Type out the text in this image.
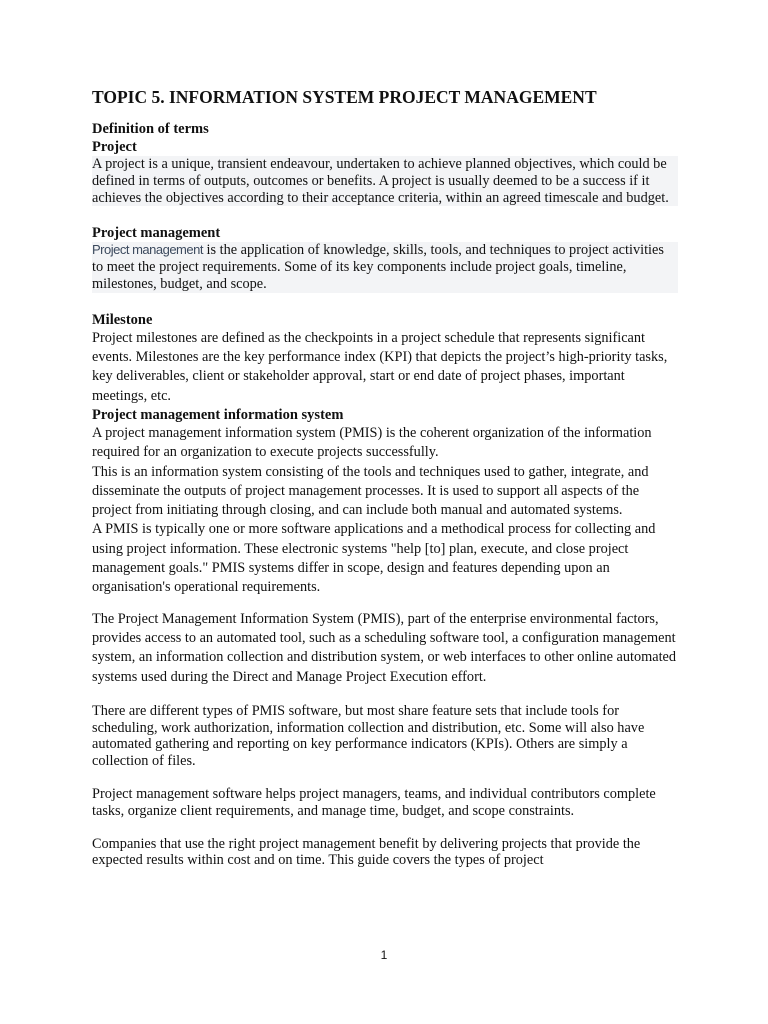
TOPIC 5. INFORMATION SYSTEM PROJECT MANAGEMENT
Definition of terms
Project

A project is a unique, transient endeavour, undertaken to achieve planned objectives, which could be defined in terms of outputs, outcomes or benefits. A project is usually deemed to be a success if it achieves the objectives according to their acceptance criteria, within an agreed timescale and budget.

Project management

Project management is the application of knowledge, skills, tools, and techniques to project activities to meet the project requirements. Some of its key components include project goals, timeline, milestones, budget, and scope.

Milestone

Project milestones are defined as the checkpoints in a project schedule that represents significant events. Milestones are the key performance index (KPI) that depicts the project’s high-priority tasks, key deliverables, client or stakeholder approval, start or end date of project phases, important meetings, etc.

Project management information system

A project management information system (PMIS) is the coherent organization of the information required for an organization to execute projects successfully.

This is an information system consisting of the tools and techniques used to gather, integrate, and disseminate the outputs of project management processes. It is used to support all aspects of the project from initiating through closing, and can include both manual and automated systems.

A PMIS is typically one or more software applications and a methodical process for collecting and using project information. These electronic systems "help [to] plan, execute, and close project management goals." PMIS systems differ in scope, design and features depending upon an organisation's operational requirements.

The Project Management Information System (PMIS), part of the enterprise environmental factors, provides access to an automated tool, such as a scheduling software tool, a configuration management system, an information collection and distribution system, or web interfaces to other online automated systems used during the Direct and Manage Project Execution effort.

There are different types of PMIS software, but most share feature sets that include tools for scheduling, work authorization, information collection and distribution, etc. Some will also have automated gathering and reporting on key performance indicators (KPIs). Others are simply a collection of files.

Project management software helps project managers, teams, and individual contributors complete tasks, organize client requirements, and manage time, budget, and scope constraints.

Companies that use the right project management benefit by delivering projects that provide the expected results within cost and on time. This guide covers the types of project

1
